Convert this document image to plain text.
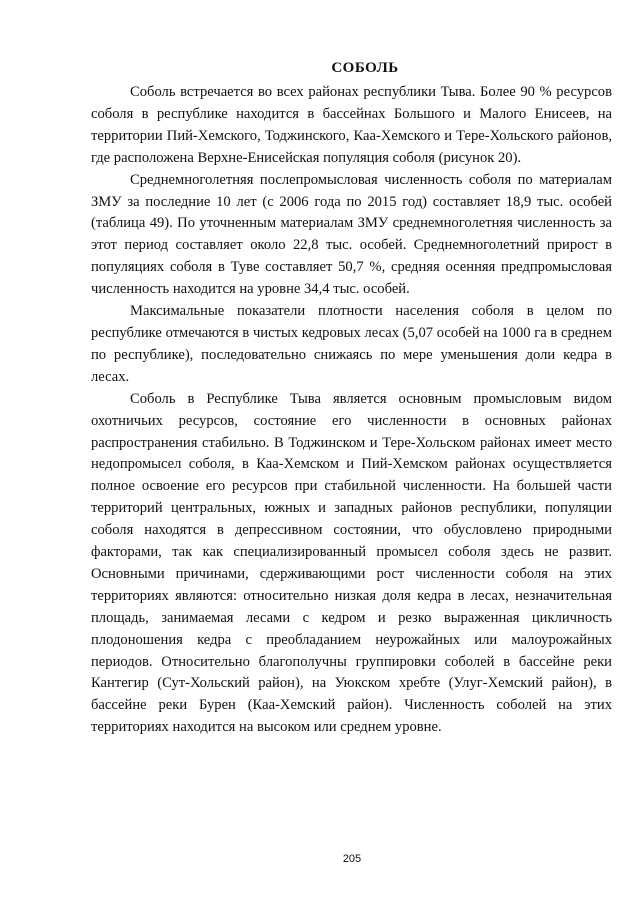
СОБОЛЬ

Соболь встречается во всех районах республики Тыва. Более 90 % ресурсов соболя в республике находится в бассейнах Большого и Малого Енисеев, на территории Пий-Хемского, Тоджинского, Каа-Хемского и Тере-Хольского районов, где расположена Верхне-Енисейская популяция соболя (рисунок 20).

Среднемноголетняя послепромысловая численность соболя по материалам ЗМУ за последние 10 лет (с 2006 года по 2015 год) составляет 18,9 тыс. особей (таблица 49). По уточненным материалам ЗМУ среднемноголетняя численность за этот период составляет около 22,8 тыс. особей. Среднемноголетний прирост в популяциях соболя в Туве составляет 50,7 %, средняя осенняя предпромысловая численность находится на уровне 34,4 тыс. особей.

Максимальные показатели плотности населения соболя в целом по республике отмечаются в чистых кедровых лесах (5,07 особей на 1000 га в среднем по республике), последовательно снижаясь по мере уменьшения доли кедра в лесах.

Соболь в Республике Тыва является основным промысловым видом охотничьих ресурсов, состояние его численности в основных районах распространения стабильно. В Тоджинском и Тере-Хольском районах имеет место недопромысел соболя, в Каа-Хемском и Пий-Хемском районах осуществляется полное освоение его ресурсов при стабильной численности. На большей части территорий центральных, южных и западных районов республики, популяции соболя находятся в депрессивном состоянии, что обусловлено природными факторами, так как специализированный промысел соболя здесь не развит. Основными причинами, сдерживающими рост численности соболя на этих территориях являются: относительно низкая доля кедра в лесах, незначительная площадь, занимаемая лесами с кедром и резко выраженная цикличность плодоношения кедра с преобладанием неурожайных или малоурожайных периодов. Относительно благополучны группировки соболей в бассейне реки Кантегир (Сут-Хольский район), на Уюкском хребте (Улуг-Хемский район), в бассейне реки Бурен (Каа-Хемский район). Численность соболей на этих территориях находится на высоком или среднем уровне.

205
